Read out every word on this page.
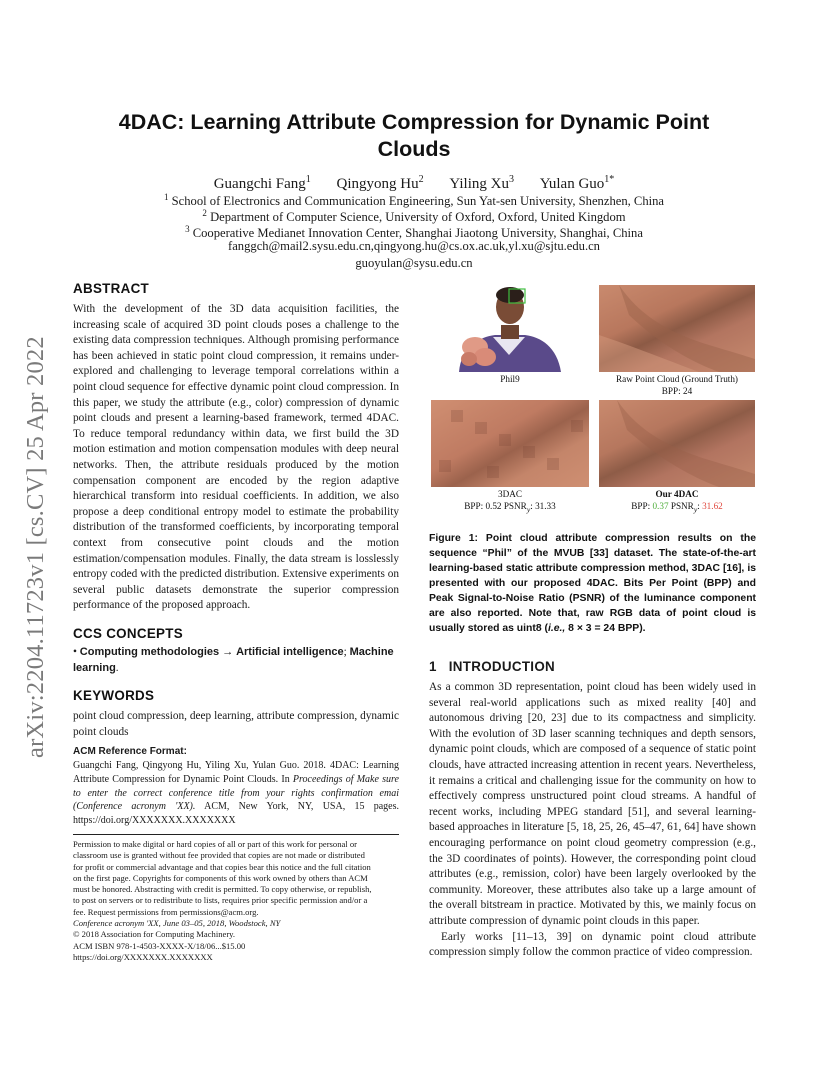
arXiv:2204.11723v1 [cs.CV] 25 Apr 2022
4DAC: Learning Attribute Compression for Dynamic Point
Clouds
Guangchi Fang$^1$ Qingyong Hu$^2$ Yiling Xu$^3$ Yulan Guo$^{1*}$
$^1$ School of Electronics and Communication Engineering, Sun Yat-sen University, Shenzhen, China
$^2$ Department of Computer Science, University of Oxford, Oxford, United Kingdom
$^3$ Cooperative Medianet Innovation Center, Shanghai Jiaotong University, Shanghai, China
fanggch@mail2.sysu.edu.cn,qingyong.hu@cs.ox.ac.uk,yl.xu@sjtu.edu.cn
guoyulan@sysu.edu.cn
ABSTRACT

With the development of the 3D data acquisition facilities, the increasing scale of acquired 3D point clouds poses a challenge to the existing data compression techniques. Although promising performance has been achieved in static point cloud compression, it remains under-explored and challenging to leverage temporal correlations within a point cloud sequence for effective dynamic point cloud compression. In this paper, we study the attribute (e.g., color) compression of dynamic point clouds and present a learning-based framework, termed 4DAC. To reduce temporal redundancy within data, we first build the 3D motion estimation and motion compensation modules with deep neural networks. Then, the attribute residuals produced by the motion compensation component are encoded by the region adaptive hierarchical transform into residual coefficients. In addition, we also propose a deep conditional entropy model to estimate the probability distribution of the transformed coefficients, by incorporating temporal context from consecutive point clouds and the motion estimation/compensation modules. Finally, the data stream is losslessly entropy coded with the predicted distribution. Extensive experiments on several public datasets demonstrate the superior compression performance of the proposed approach.

CCS CONCEPTS
• Computing methodologies → Artificial intelligence; Machine learning.
KEYWORDS

point cloud compression, deep learning, attribute compression, dynamic point clouds

ACM Reference Format:
Guangchi Fang, Qingyong Hu, Yiling Xu, Yulan Guo. 2018. 4DAC: Learning Attribute Compression for Dynamic Point Clouds. In Proceedings of Make sure to enter the correct conference title from your rights confirmation emai (Conference acronym 'XX). ACM, New York, NY, USA, 15 pages. https://doi.org/XXXXXXX.XXXXXXX
Permission to make digital or hard copies of all or part of this work for personal or
classroom use is granted without fee provided that copies are not made or distributed
for profit or commercial advantage and that copies bear this notice and the full citation
on the first page. Copyrights for components of this work owned by others than ACM
must be honored. Abstracting with credit is permitted. To copy otherwise, or republish,
to post on servers or to redistribute to lists, requires prior specific permission and/or a
fee. Request permissions from permissions@acm.org.
Conference acronym 'XX, June 03–05, 2018, Woodstock, NY
© 2018 Association for Computing Machinery.
ACM ISBN 978-1-4503-XXXX-X/18/06...$15.00
https://doi.org/XXXXXXX.XXXXXXX
Phil9	Raw Point Cloud (Ground Truth)
BPP: 24
3DAC
BPP: 0.52 $PSNR_y$: 31.33
Our 4DAC
BPP: 0.37 $PSNR_y$: 31.62
Figure 1: Point cloud attribute compression results on the sequence “Phil” of the MVUB [33] dataset. The state-of-the-art learning-based static attribute compression method, 3DAC [16], is presented with our proposed 4DAC. Bits Per Point (BPP) and Peak Signal-to-Noise Ratio (PSNR) of the luminance component are also reported. Note that, raw RGB data of point cloud is usually stored as uint8 (i.e., 8 × 3 = 24 BPP).
1 INTRODUCTION

As a common 3D representation, point cloud has been widely used in several real-world applications such as mixed reality [40] and autonomous driving [20, 23] due to its compactness and simplicity. With the evolution of 3D laser scanning techniques and depth sensors, dynamic point clouds, which are composed of a sequence of static point clouds, have attracted increasing attention in recent years. Nevertheless, it remains a critical and challenging issue for the community on how to effectively compress unstructured point cloud streams. A handful of recent works, including MPEG standard [51], and several learning-based approaches in literature [5, 18, 25, 26, 45–47, 61, 64] have shown encouraging performance on point cloud geometry compression (e.g., the 3D coordinates of points). However, the corresponding point cloud attributes (e.g., remission, color) have been largely overlooked by the community. Moreover, these attributes also take up a large amount of the overall bitstream in practice. Motivated by this, we mainly focus on attribute compression of dynamic point clouds in this paper.

Early works [11–13, 39] on dynamic point cloud attribute compression simply follow the common practice of video compression.
